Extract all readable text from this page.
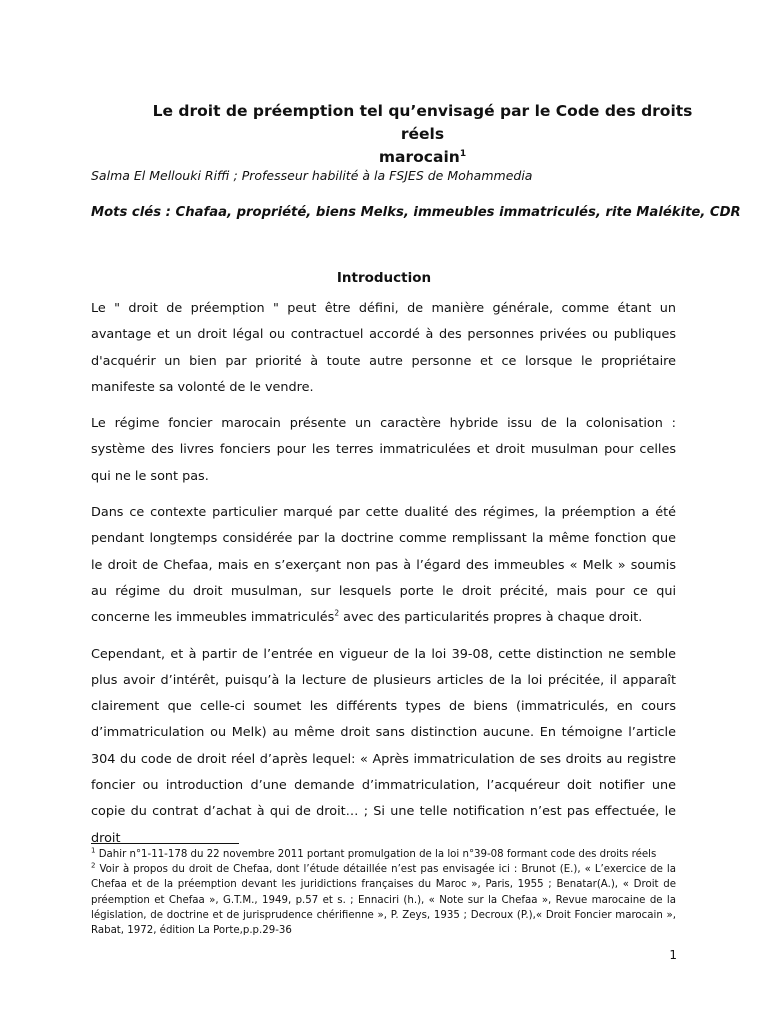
Le droit de préemption tel qu’envisagé par le Code des droits réels
marocain$^1$
Salma El Mellouki Riffi ; Professeur habilité à la FSJES de Mohammedia
Mots clés : Chafaa, propriété, biens Melks, immeubles immatriculés, rite Malékite, CDR
Introduction

Le " droit de préemption " peut être défini, de manière générale, comme étant un avantage et un droit légal ou contractuel accordé à des personnes privées ou publiques d'acquérir un bien par priorité à toute autre personne et ce lorsque le propriétaire manifeste sa volonté de le vendre.

Le régime foncier marocain présente un caractère hybride issu de la colonisation : système des livres fonciers pour les terres immatriculées et droit musulman pour celles qui ne le sont pas.

Dans ce contexte particulier marqué par cette dualité des régimes, la préemption a été pendant longtemps considérée par la doctrine comme remplissant la même fonction que le droit de Chefaa, mais en s’exerçant non pas à l’égard des immeubles « Melk » soumis au régime du droit musulman, sur lesquels porte le droit précité, mais pour ce qui concerne les immeubles immatriculés$^2$ avec des particularités propres à chaque droit.

Cependant, et à partir de l’entrée en vigueur de la loi 39-08, cette distinction ne semble plus avoir d’intérêt, puisqu’à la lecture de plusieurs articles de la loi précitée, il apparaît clairement que celle-ci soumet les différents types de biens (immatriculés, en cours d’immatriculation ou Melk) au même droit sans distinction aucune. En témoigne l’article 304 du code de droit réel d’après lequel: « Après immatriculation de ses droits au registre foncier ou introduction d’une demande d’immatriculation, l’acquéreur doit notifier une copie du contrat d’achat à qui de droit… ; Si une telle notification n’est pas effectuée, le droit

$^1$ Dahir n°1-11-178 du 22 novembre 2011 portant promulgation de la loi n°39-08 formant code des droits réels

$^2$ Voir à propos du droit de Chefaa, dont l’étude détaillée n’est pas envisagée ici : Brunot (E.), « L’exercice de la Chefaa et de la préemption devant les juridictions françaises du Maroc », Paris, 1955 ; Benatar(A.), « Droit de préemption et Chefaa », G.T.M., 1949, p.57 et s. ; Ennaciri (h.), « Note sur la Chefaa », Revue marocaine de la législation, de doctrine et de jurisprudence chérifienne », P. Zeys, 1935 ; Decroux (P.),« Droit Foncier marocain », Rabat, 1972, édition La Porte,p.p.29-36

1
